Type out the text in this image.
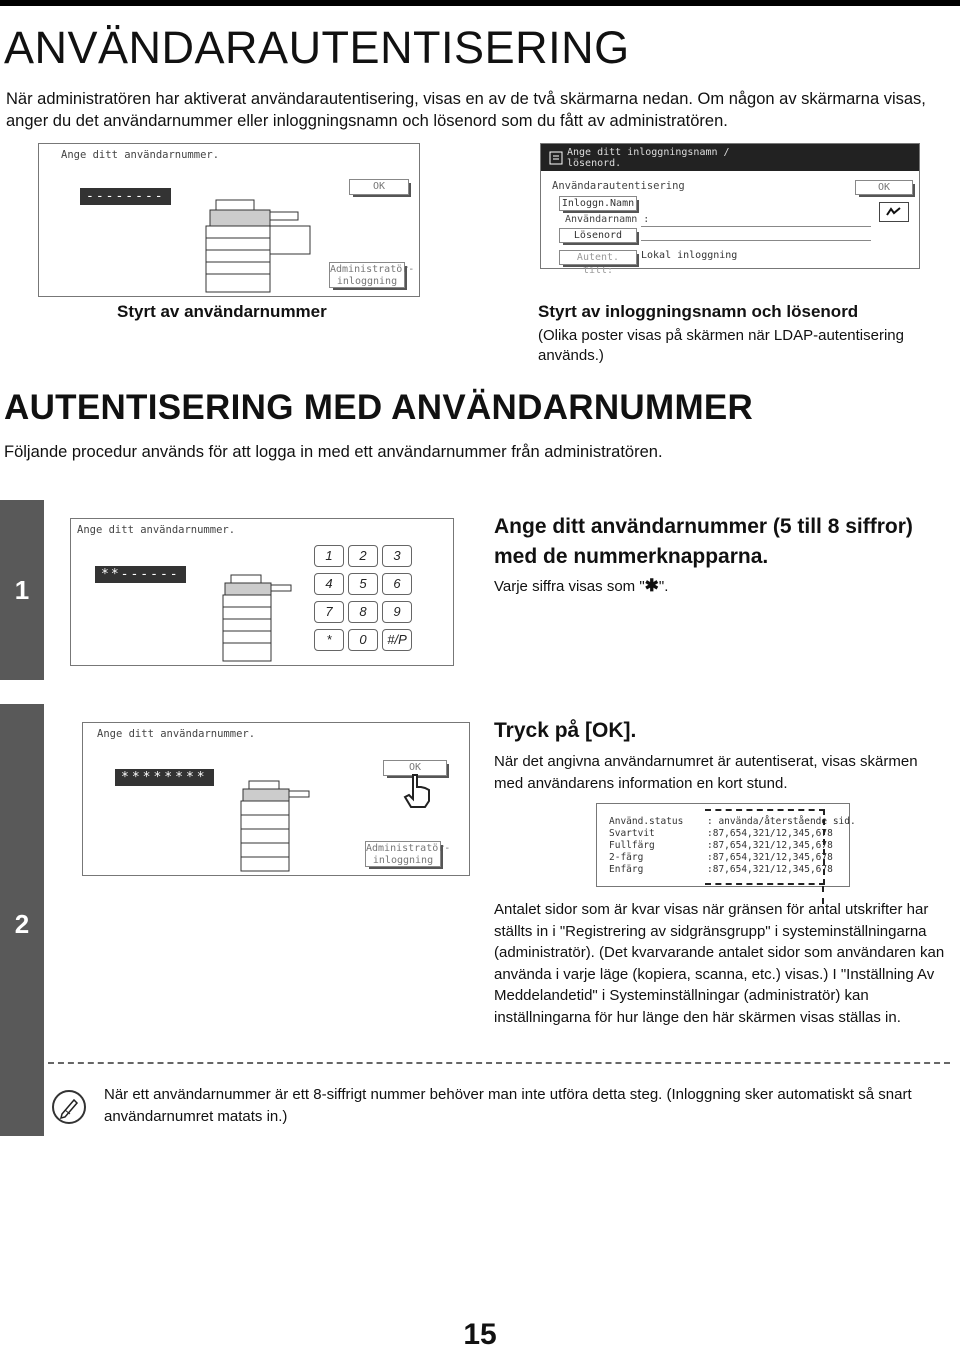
ANVÄNDARAUTENTISERING
När administratören har aktiverat användarautentisering, visas en av de två skärmarna nedan. Om någon av skärmarna visas, anger du det användarnummer eller inloggningsnamn och lösenord som du fått av administratören.
Ange ditt användarnummer.
--------
OK
Administratör-
inloggning
Styrt av användarnummer
Ange ditt inloggningsnamn /
lösenord.
Användarautentisering	OK
Inloggn.Namn
Användarnamn :
Lösenord
Autent. till:
Lokal inloggning
Styrt av inloggningsnamn och lösenord
(Olika poster visas på skärmen när LDAP-autentisering används.)
AUTENTISERING MED ANVÄNDARNUMMER
Följande procedur används för att logga in med ett användarnummer från administratören.
1
Ange ditt användarnummer.
**------
1	2	3
4	5	6
7	8	9
*	0	#/P
Ange ditt användarnummer (5 till 8 siffror) med de nummerknapparna.
Varje siffra visas som "✱".
2
Ange ditt användarnummer.
********
OK
Administratör-
inloggning
Tryck på [OK].
När det angivna användarnumret är autentiserat, visas skärmen med användarens information en kort stund.
Använd.status : använda/återstående sid.
Svartvit	:87,654,321/12,345,678
Fullfärg	:87,654,321/12,345,678
2-färg	:87,654,321/12,345,678
Enfärg	:87,654,321/12,345,678
Antalet sidor som är kvar visas när gränsen för antal utskrifter har ställts in i "Registrering av sidgränsgrupp" i systeminställningarna (administratör). (Det kvarvarande antalet sidor som användaren kan använda i varje läge (kopiera, scanna, etc.) visas.) I "Inställning Av Meddelandetid" i Systeminställningar (administratör) kan inställningarna för hur länge den här skärmen visas ställas in.
När ett användarnummer är ett 8-siffrigt nummer behöver man inte utföra detta steg. (Inloggning sker automatiskt så snart användarnumret matats in.)
15
